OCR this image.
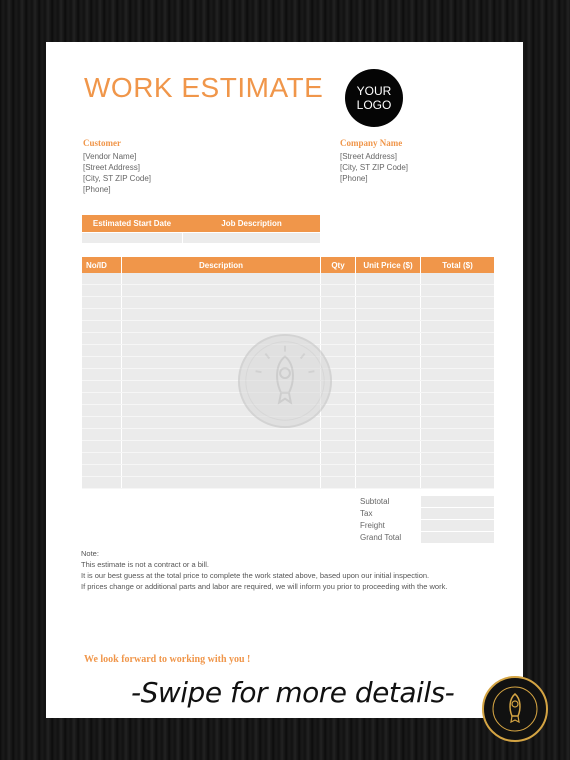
WORK ESTIMATE	YOUR
LOGO
Customer
[Vendor Name]
[Street Address]
[City, ST ZIP Code]
[Phone]
Company Name
[Street Address]
[City, ST ZIP Code]
[Phone]
Estimated Start Date	Job Description
No/ID	Description	Qty	Unit Price ($)	Total ($)
Subtotal
Tax
Freight
Grand Total
Note:
This estimate is not a contract or a bill.
It is our best guess at the total price to complete the work stated above, based upon our initial inspection.
If prices change or additional parts and labor are required, we will inform you prior to proceeding with the work.
We look forward to working with you !
-Swipe for more details-
